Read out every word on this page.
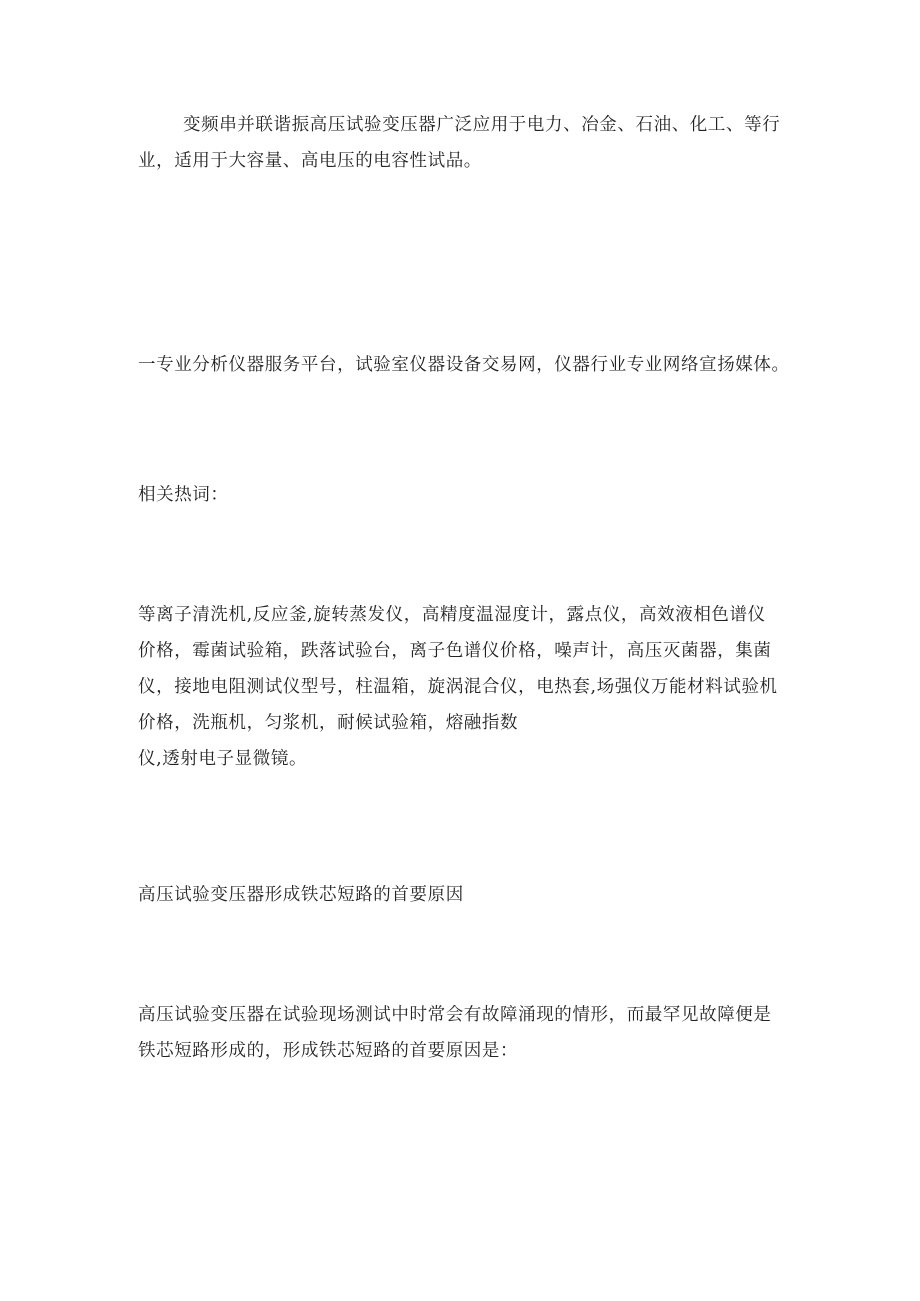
变频串并联谐振高压试验变压器广泛应用于电力、冶金、石油、化工、等行
业，适用于大容量、高电压的电容性试品。

一专业分析仪器服务平台，试验室仪器设备交易网，仪器行业专业网络宣扬媒体。

相关热词：

等离子清洗机,反应釜,旋转蒸发仪，高精度温湿度计，露点仪，高效液相色谱仪
价格，霉菌试验箱，跌落试验台，离子色谱仪价格，噪声计，高压灭菌器，集菌
仪，接地电阻测试仪型号，柱温箱，旋涡混合仪，电热套,场强仪万能材料试验机
价格，洗瓶机，匀浆机，耐候试验箱，熔融指数
仪,透射电子显微镜。

高压试验变压器形成铁芯短路的首要原因

高压试验变压器在试验现场测试中时常会有故障涌现的情形，而最罕见故障便是
铁芯短路形成的，形成铁芯短路的首要原因是：
